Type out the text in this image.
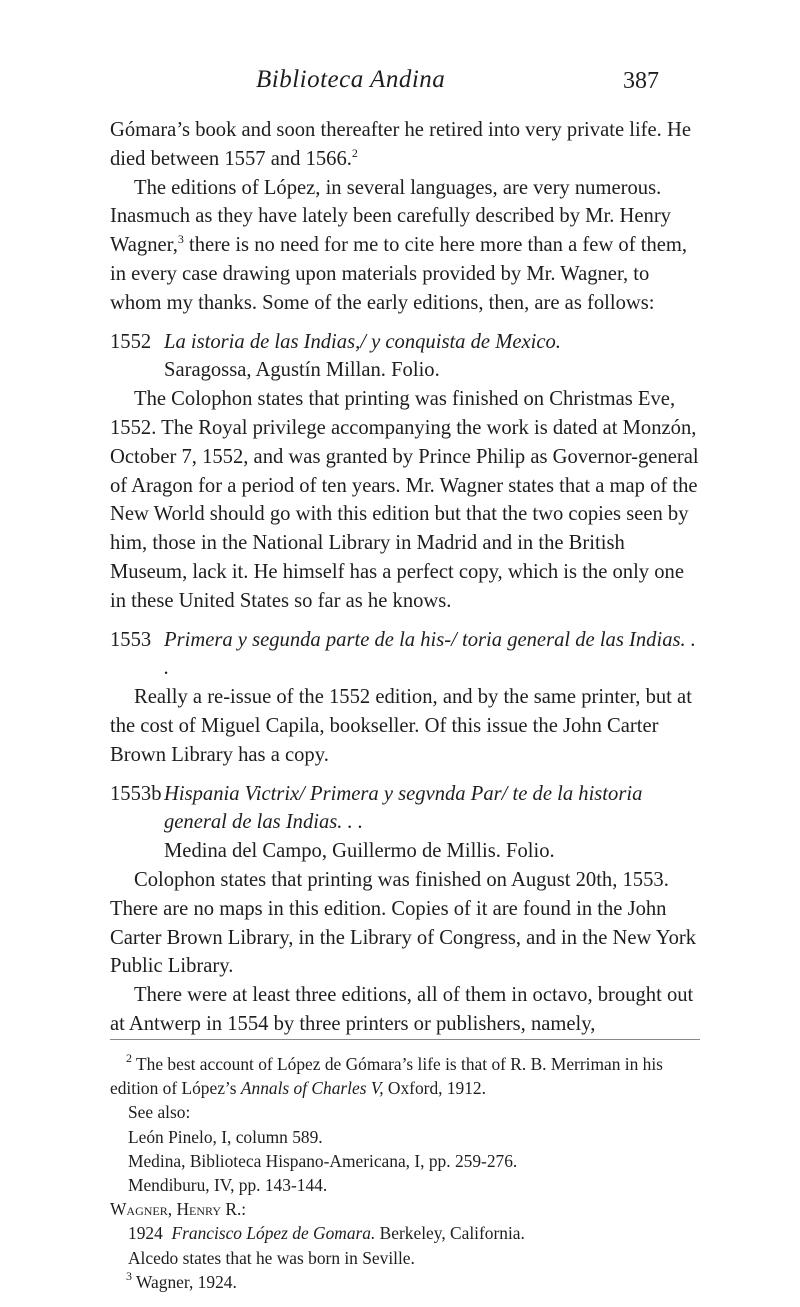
Biblioteca Andina	387

Gómara’s book and soon thereafter he retired into very private life. He died between 1557 and 1566.$^2$

The editions of López, in several languages, are very numerous. Inasmuch as they have lately been carefully described by Mr. Henry Wagner,$^3$ there is no need for me to cite here more than a few of them, in every case drawing upon materials provided by Mr. Wagner, to whom my thanks. Some of the early editions, then, are as follows:

1552 La istoria de las Indias,/ y conquista de Mexico.

Saragossa, Agustín Millan. Folio.

The Colophon states that printing was finished on Christmas Eve, 1552. The Royal privilege accompanying the work is dated at Monzón, October 7, 1552, and was granted by Prince Philip as Governor-general of Aragon for a period of ten years. Mr. Wagner states that a map of the New World should go with this edition but that the two copies seen by him, those in the National Library in Madrid and in the British Museum, lack it. He himself has a perfect copy, which is the only one in these United States so far as he knows.

1553 Primera y segunda parte de la his-/ toria general de las Indias. . .

Really a re-issue of the 1552 edition, and by the same printer, but at the cost of Miguel Capila, bookseller. Of this issue the John Carter Brown Library has a copy.

1553b Hispania Victrix/ Primera y segvnda Par/ te de la historia general de las Indias. . .

Medina del Campo, Guillermo de Millis. Folio.

Colophon states that printing was finished on August 20th, 1553. There are no maps in this edition. Copies of it are found in the John Carter Brown Library, in the Library of Congress, and in the New York Public Library.

There were at least three editions, all of them in octavo, brought out at Antwerp in 1554 by three printers or publishers, namely,

$^2$ The best account of López de Gómara’s life is that of R. B. Merriman in his edition of López’s Annals of Charles V, Oxford, 1912.

See also:

León Pinelo, I, column 589.

Medina, Biblioteca Hispano-Americana, I, pp. 259-276.

Mendiburu, IV, pp. 143-144.

Wagner, Henry R.:

1924 Francisco López de Gomara. Berkeley, California.

Alcedo states that he was born in Seville.

$^3$ Wagner, 1924.
